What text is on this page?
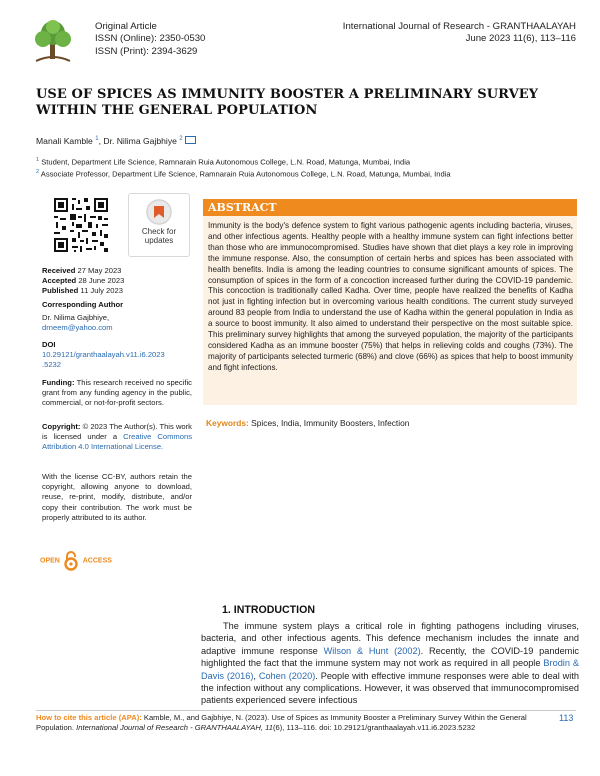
Original Article
ISSN (Online): 2350-0530
ISSN (Print): 2394-3629
International Journal of Research - GRANTHAALAYAH
June 2023 11(6), 113–116
USE OF SPICES AS IMMUNITY BOOSTER A PRELIMINARY SURVEY WITHIN THE GENERAL POPULATION
Manali Kamble $^1$, Dr. Nilima Gajbhiye $^2$
$^1$ Student, Department Life Science, Ramnarain Ruia Autonomous College, L.N. Road, Matunga, Mumbai, India
$^2$ Associate Professor, Department Life Science, Ramnarain Ruia Autonomous College, L.N. Road, Matunga, Mumbai, India
Check for
updates
Received 27 May 2023
Accepted 28 June 2023
Published 11 July 2023
Corresponding Author
Dr. Nilima Gajbhiye,
drneem@yahoo.com
DOI
10.29121/granthaalayah.v11.i6.2023
.5232
Funding: This research received no specific grant from any funding agency in the public, commercial, or not-for-profit sectors.
Copyright: © 2023 The Author(s). This work is licensed under a Creative Commons Attribution 4.0 International License.
With the license CC-BY, authors retain the copyright, allowing anyone to download, reuse, re-print, modify, distribute, and/or copy their contribution. The work must be properly attributed to its author.
OPEN	ACCESS
ABSTRACT
Immunity is the body's defence system to fight various pathogenic agents including bacteria, viruses, and other infectious agents. Healthy people with a healthy immune system can fight infections better than those who are immunocompromised. Studies have shown that diet plays a key role in improving the immune response. Also, the consumption of certain herbs and spices has been associated with health benefits. India is among the leading countries to consume significant amounts of spices. The consumption of spices in the form of a concoction increased further during the COVID-19 pandemic. This concoction is traditionally called Kadha. Over time, people have realized the benefits of Kadha not just in fighting infection but in overcoming various health conditions. The current study surveyed around 83 people from India to understand the use of Kadha within the general population in India as a source to boost immunity. It also aimed to understand their perspective on the most suitable spice. This preliminary survey highlights that among the surveyed population, the majority of the participants considered Kadha as an immune booster (75%) that helps in relieving colds and coughs (73%). The majority of participants selected turmeric (68%) and clove (66%) as spices that help to boost immunity and fight infections.
Keywords: Spices, India, Immunity Boosters, Infection
1. INTRODUCTION
The immune system plays a critical role in fighting pathogens including viruses, bacteria, and other infectious agents. This defence mechanism includes the innate and adaptive immune response Wilson & Hunt (2002). Recently, the COVID-19 pandemic highlighted the fact that the immune system may not work as required in all people Brodin & Davis (2016), Cohen (2020). People with effective immune responses were able to deal with the infection without any complications. However, it was observed that immunocompromised patients experienced severe infectious
How to cite this article (APA): Kamble, M., and Gajbhiye, N. (2023). Use of Spices as Immunity Booster a Preliminary Survey Within the General Population. International Journal of Research - GRANTHAALAYAH, 11(6), 113–116. doi: 10.29121/granthaalayah.v11.i6.2023.5232
113
